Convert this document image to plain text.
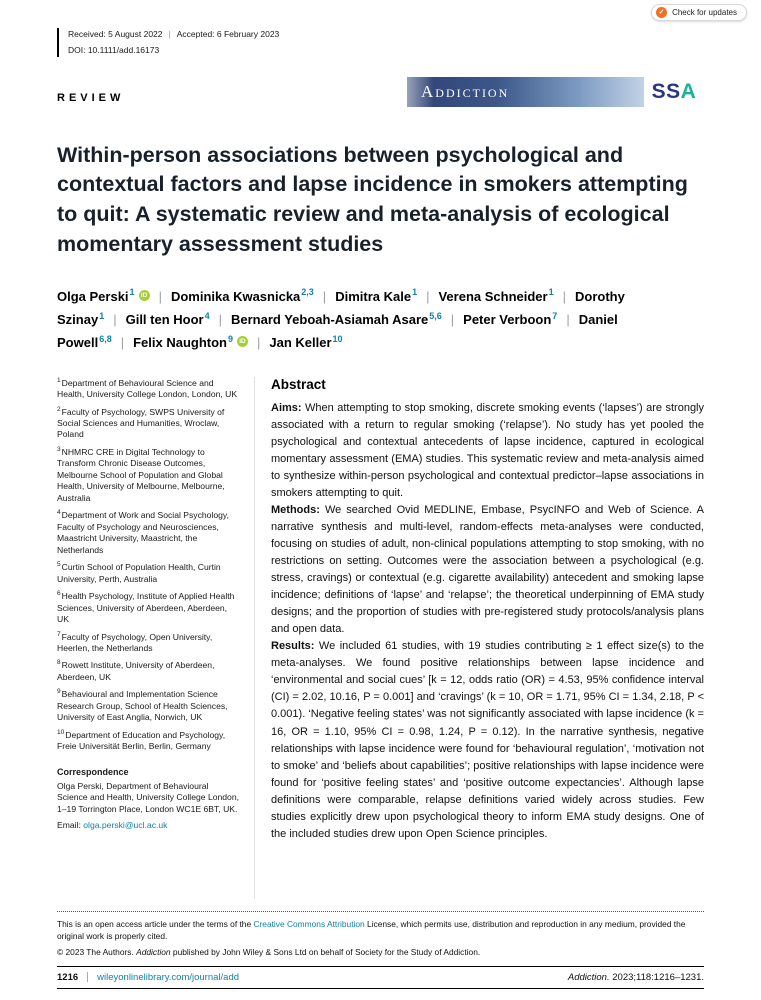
✓ Check for updates
Received: 5 August 2022 | Accepted: 6 February 2023
DOI: 10.1111/add.16173
REVIEW	Addiction	SS A
Within-person associations between psychological and contextual factors and lapse incidence in smokers attempting to quit: A systematic review and meta-analysis of ecological momentary assessment studies
Olga Perski$^1$ iD | Dominika Kwasnicka$^{2,3}$ | Dimitra Kale$^1$ | Verena Schneider$^1$ | Dorothy Szinay$^1$ | Gill ten Hoor$^4$ | Bernard Yeboah-Asiamah Asare$^{5,6}$ | Peter Verboon$^7$ | Daniel Powell$^{6,8}$ | Felix Naughton$^9$ iD | Jan Keller$^{10}$

$^1$Department of Behavioural Science and Health, University College London, London, UK

$^2$Faculty of Psychology, SWPS University of Social Sciences and Humanities, Wroclaw, Poland

$^3$NHMRC CRE in Digital Technology to Transform Chronic Disease Outcomes, Melbourne School of Population and Global Health, University of Melbourne, Melbourne, Australia

$^4$Department of Work and Social Psychology, Faculty of Psychology and Neurosciences, Maastricht University, Maastricht, the Netherlands

$^5$Curtin School of Population Health, Curtin University, Perth, Australia

$^6$Health Psychology, Institute of Applied Health Sciences, University of Aberdeen, Aberdeen, UK

$^7$Faculty of Psychology, Open University, Heerlen, the Netherlands

$^8$Rowett Institute, University of Aberdeen, Aberdeen, UK

$^9$Behavioural and Implementation Science Research Group, School of Health Sciences, University of East Anglia, Norwich, UK

$^{10}$Department of Education and Psychology, Freie Universität Berlin, Berlin, Germany

Correspondence
Olga Perski, Department of Behavioural Science and Health, University College London, 1–19 Torrington Place, London WC1E 6BT, UK.
Email: olga.perski@ucl.ac.uk
Abstract

Aims: When attempting to stop smoking, discrete smoking events (‘lapses’) are strongly associated with a return to regular smoking (‘relapse’). No study has yet pooled the psychological and contextual antecedents of lapse incidence, captured in ecological momentary assessment (EMA) studies. This systematic review and meta-analysis aimed to synthesize within-person psychological and contextual predictor–lapse associations in smokers attempting to quit.

Methods: We searched Ovid MEDLINE, Embase, PsycINFO and Web of Science. A narrative synthesis and multi-level, random-effects meta-analyses were conducted, focusing on studies of adult, non-clinical populations attempting to stop smoking, with no restrictions on setting. Outcomes were the association between a psychological (e.g. stress, cravings) or contextual (e.g. cigarette availability) antecedent and smoking lapse incidence; definitions of ‘lapse’ and ‘relapse’; the theoretical underpinning of EMA study designs; and the proportion of studies with pre-registered study protocols/analysis plans and open data.

Results: We included 61 studies, with 19 studies contributing ≥ 1 effect size(s) to the meta-analyses. We found positive relationships between lapse incidence and ‘environmental and social cues’ [k = 12, odds ratio (OR) = 4.53, 95% confidence interval (CI) = 2.02, 10.16, P = 0.001] and ‘cravings’ (k = 10, OR = 1.71, 95% CI = 1.34, 2.18, P < 0.001). ‘Negative feeling states’ was not significantly associated with lapse incidence (k = 16, OR = 1.10, 95% CI = 0.98, 1.24, P = 0.12). In the narrative synthesis, negative relationships with lapse incidence were found for ‘behavioural regulation’, ‘motivation not to smoke’ and ‘beliefs about capabilities’; positive relationships with lapse incidence were found for ‘positive feeling states’ and ‘positive outcome expectancies’. Although lapse definitions were comparable, relapse definitions varied widely across studies. Few studies explicitly drew upon psychological theory to inform EMA study designs. One of the included studies drew upon Open Science principles.

This is an open access article under the terms of the Creative Commons Attribution License, which permits use, distribution and reproduction in any medium, provided the original work is properly cited.
© 2023 The Authors. Addiction published by John Wiley & Sons Ltd on behalf of Society for the Study of Addiction.
1216 wileyonlinelibrary.com/journal/add	Addiction. 2023;118:1216–1231.
